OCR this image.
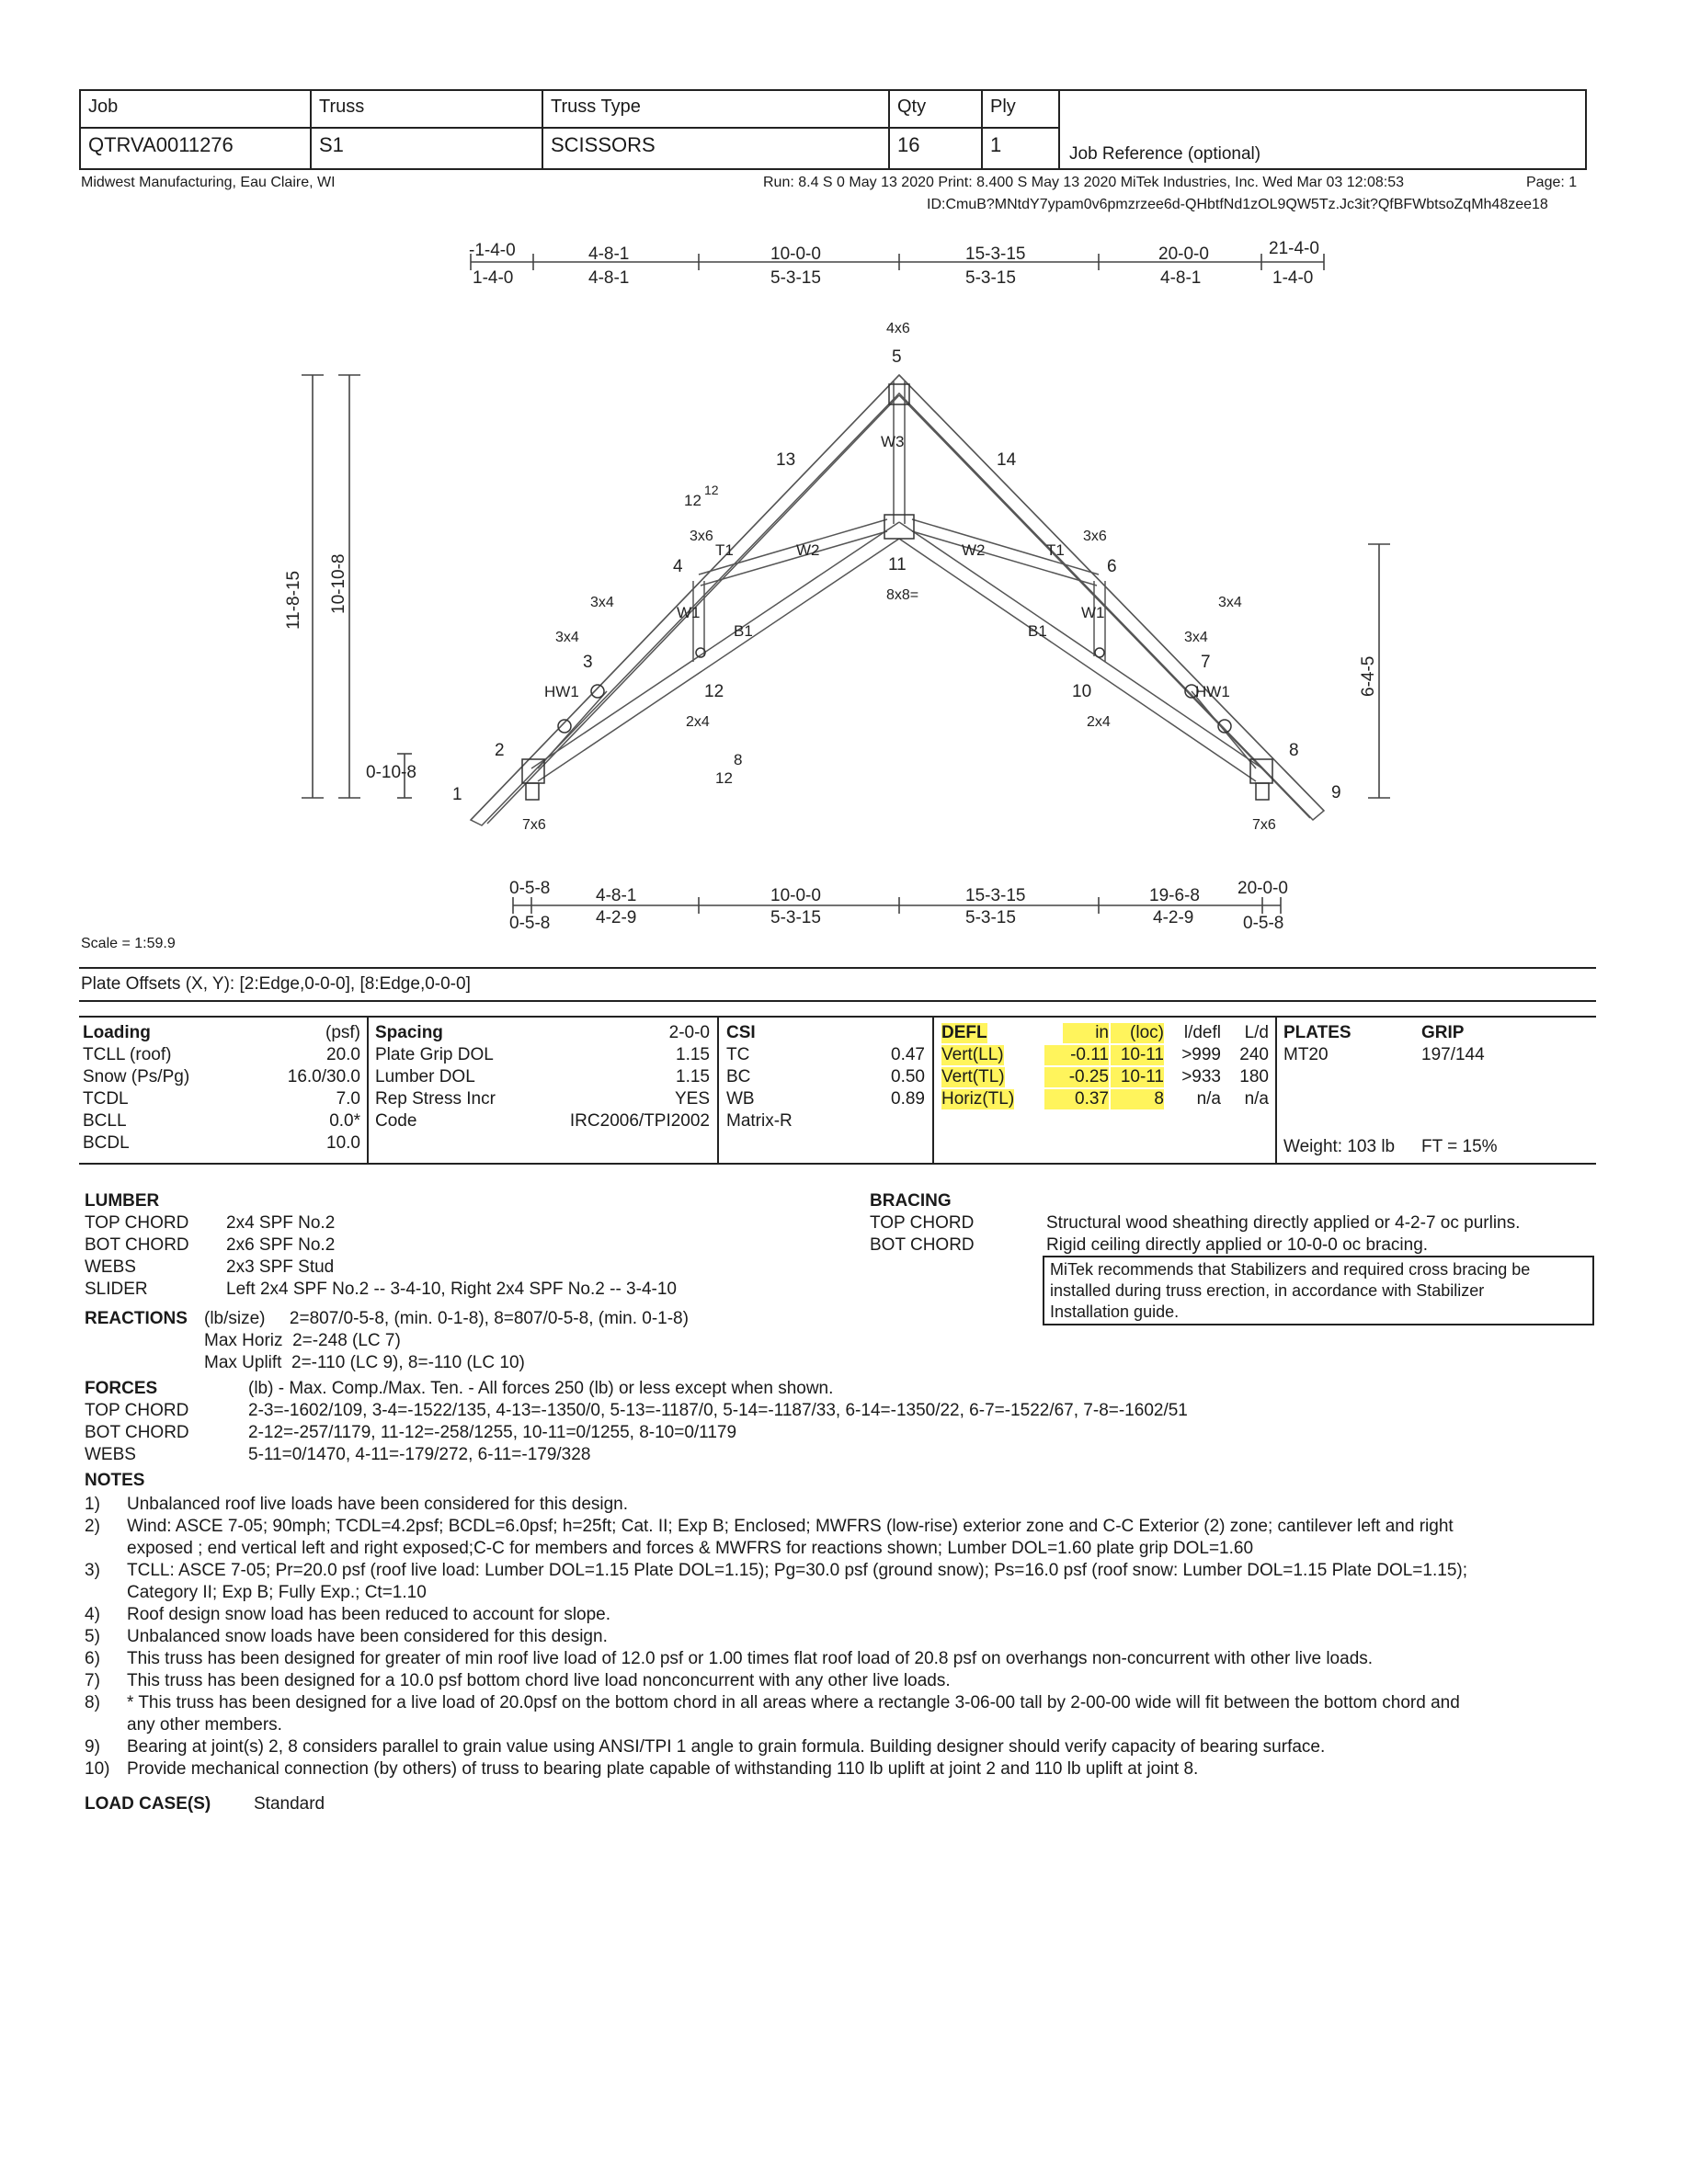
Job
QTRVA0011276
Truss
S1
Truss Type
SCISSORS
Qty
16
Ply
1	Job Reference (optional)
Midwest Manufacturing, Eau Claire, WI	Run: 8.4 S 0 May 13 2020 Print: 8.400 S May 13 2020 MiTek Industries, Inc. Wed Mar 03 12:08:53	Page: 1
ID:CmuB?MNtdY7ypam0v6pmzrzee6d-QHbtfNd1zOL9QW5Tz.Jc3it?QfBFWbtsoZqMh48zee18
-1-4-0	4-8-1	10-0-0	15-3-15	20-0-0	21-4-0
1-4-0	4-8-1	5-3-15	5-3-15	4-8-1	1-4-0
0-5-8	4-8-1	10-0-0	15-3-15	19-6-8 20-0-0
0-5-8	4-2-9	5-3-15	5-3-15	4-2-9	0-5-8
11-8-15 10-10-8
0-10-8
6-4-5
4x6
3x6	3x6
3x4
3x4
3x4
3x4
8x8=
2x4	2x4
7x6	7x6
1
2
3
4
5
6
7
8
9
10
11
12
13	14
W3
W2	W2
T1	T1
W1	W1
B1	B1
HW1	HW1
12
12
8
12
Scale = 1:59.9
Plate Offsets (X, Y): [2:Edge,0-0-0], [8:Edge,0-0-0]
Loading	(psf)
TCLL (roof)	20.0
Snow (Ps/Pg)	16.0/30.0
TCDL	7.0
BCLL	0.0*
BCDL	10.0
Spacing	2-0-0
Plate Grip DOL	1.15
Lumber DOL	1.15
Rep Stress Incr	YES
Code	IRC2006/TPI2002
CSI
TC	0.47
BC	0.50
WB	0.89
Matrix-R
DEFL	in	(loc)	l/defl	L/d
Vert(LL)	-0.11 10-11	>999	240
Vert(TL)	-0.25 10-11	>933	180
Horiz(TL)	0.37	8	n/a	n/a
PLATES	GRIP
MT20	197/144
Weight: 103 lb FT = 15%
LUMBER
TOP CHORD 2x4 SPF No.2
BOT CHORD 2x6 SPF No.2
WEBS	2x3 SPF Stud
SLIDER	Left 2x4 SPF No.2 -- 3-4-10, Right 2x4 SPF No.2 -- 3-4-10
REACTIONS (lb/size)     2=807/0-5-8, (min. 0-1-8), 8=807/0-5-8, (min. 0-1-8)
Max Horiz  2=-248 (LC 7)
Max Uplift  2=-110 (LC 9), 8=-110 (LC 10)
BRACING
TOP CHORD	Structural wood sheathing directly applied or 4-2-7 oc purlins.
BOT CHORD	Rigid ceiling directly applied or 10-0-0 oc bracing.
MiTek recommends that Stabilizers and required cross bracing be
installed during truss erection, in accordance with Stabilizer
Installation guide.
FORCES	(lb) - Max. Comp./Max. Ten. - All forces 250 (lb) or less except when shown.
TOP CHORD	2-3=-1602/109, 3-4=-1522/135, 4-13=-1350/0, 5-13=-1187/0, 5-14=-1187/33, 6-14=-1350/22, 6-7=-1522/67, 7-8=-1602/51
BOT CHORD	2-12=-257/1179, 11-12=-258/1255, 10-11=0/1255, 8-10=0/1179
WEBS	5-11=0/1470, 4-11=-179/272, 6-11=-179/328
NOTES
1) Unbalanced roof live loads have been considered for this design.
2) Wind: ASCE 7-05; 90mph; TCDL=4.2psf; BCDL=6.0psf; h=25ft; Cat. II; Exp B; Enclosed; MWFRS (low-rise) exterior zone and C-C Exterior (2) zone; cantilever left and right
exposed ; end vertical left and right exposed;C-C for members and forces & MWFRS for reactions shown; Lumber DOL=1.60 plate grip DOL=1.60
3) TCLL: ASCE 7-05; Pr=20.0 psf (roof live load: Lumber DOL=1.15 Plate DOL=1.15); Pg=30.0 psf (ground snow); Ps=16.0 psf (roof snow: Lumber DOL=1.15 Plate DOL=1.15);
Category II; Exp B; Fully Exp.; Ct=1.10
4) Roof design snow load has been reduced to account for slope.
5) Unbalanced snow loads have been considered for this design.
6) This truss has been designed for greater of min roof live load of 12.0 psf or 1.00 times flat roof load of 20.8 psf on overhangs non-concurrent with other live loads.
7) This truss has been designed for a 10.0 psf bottom chord live load nonconcurrent with any other live loads.
8) * This truss has been designed for a live load of 20.0psf on the bottom chord in all areas where a rectangle 3-06-00 tall by 2-00-00 wide will fit between the bottom chord and
any other members.
9) Bearing at joint(s) 2, 8 considers parallel to grain value using ANSI/TPI 1 angle to grain formula. Building designer should verify capacity of bearing surface.
10) Provide mechanical connection (by others) of truss to bearing plate capable of withstanding 110 lb uplift at joint 2 and 110 lb uplift at joint 8.
LOAD CASE(S) Standard
